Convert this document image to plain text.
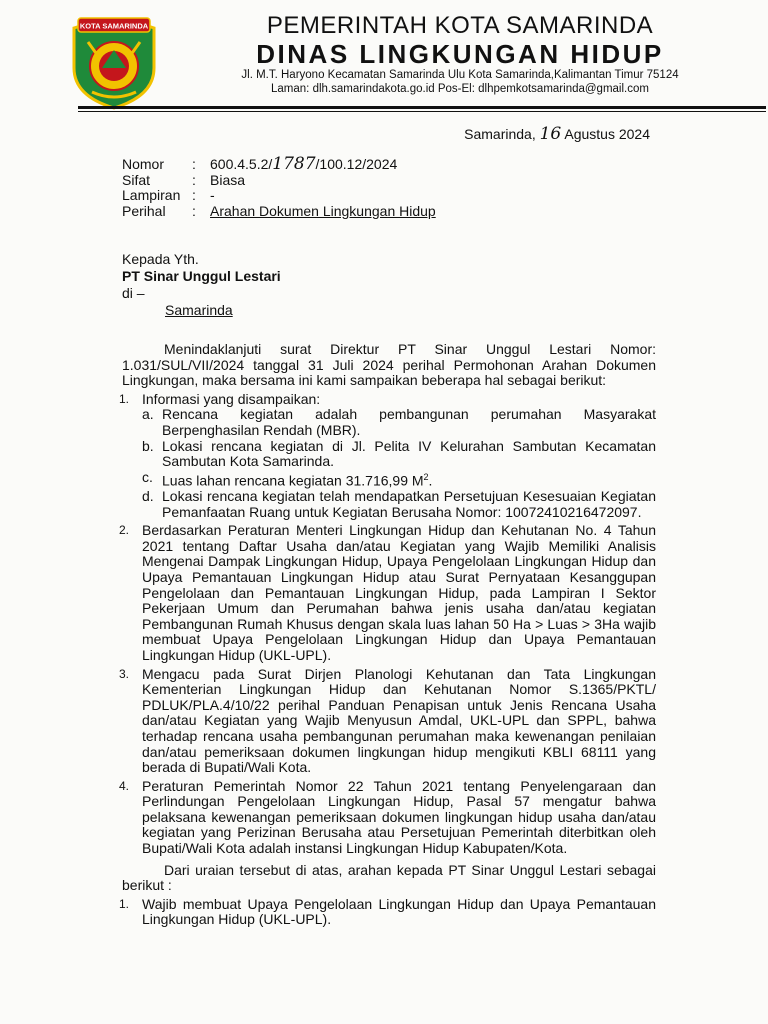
KOTA SAMARINDA	PEMERINTAH KOTA SAMARINDA
DINAS LINGKUNGAN HIDUP
Jl. M.T. Haryono Kecamatan Samarinda Ulu Kota Samarinda,Kalimantan Timur 75124
Laman: dlh.samarindakota.go.id Pos-El: dlhpemkotsamarinda@gmail.com
Samarinda, 16 Agustus 2024
Nomor	:	600.4.5.2/1787/100.12/2024
Sifat	:	Biasa
Lampiran :	-
Perihal	:	Arahan Dokumen Lingkungan Hidup
Kepada Yth.
PT Sinar Unggul Lestari
di –
Samarinda

Menindaklanjuti surat Direktur PT Sinar Unggul Lestari Nomor: 1.031/SUL/VII/2024 tanggal 31 Juli 2024 perihal Permohonan Arahan Dokumen Lingkungan, maka bersama ini kami sampaikan beberapa hal sebagai berikut:

1. Informasi yang disampaikan:
a. Rencana kegiatan adalah pembangunan perumahan Masyarakat Berpenghasilan Rendah (MBR).
b. Lokasi rencana kegiatan di Jl. Pelita IV Kelurahan Sambutan Kecamatan Sambutan Kota Samarinda.
c. Luas lahan rencana kegiatan 31.716,99 $M^2$.
d. Lokasi rencana kegiatan telah mendapatkan Persetujuan Kesesuaian Kegiatan Pemanfaatan Ruang untuk Kegiatan Berusaha Nomor: 10072410216472097.
2. Berdasarkan Peraturan Menteri Lingkungan Hidup dan Kehutanan No. 4 Tahun 2021 tentang Daftar Usaha dan/atau Kegiatan yang Wajib Memiliki Analisis Mengenai Dampak Lingkungan Hidup, Upaya Pengelolaan Lingkungan Hidup dan Upaya Pemantauan Lingkungan Hidup atau Surat Pernyataan Kesanggupan Pengelolaan dan Pemantauan Lingkungan Hidup, pada Lampiran I Sektor Pekerjaan Umum dan Perumahan bahwa jenis usaha dan/atau kegiatan Pembangunan Rumah Khusus dengan skala luas lahan 50 Ha > Luas > 3Ha wajib membuat Upaya Pengelolaan Lingkungan Hidup dan Upaya Pemantauan Lingkungan Hidup (UKL-UPL).
3. Mengacu pada Surat Dirjen Planologi Kehutanan dan Tata Lingkungan Kementerian Lingkungan Hidup dan Kehutanan Nomor S.1365/PKTL/ PDLUK/PLA.4/10/22 perihal Panduan Penapisan untuk Jenis Rencana Usaha dan/atau Kegiatan yang Wajib Menyusun Amdal, UKL-UPL dan SPPL, bahwa terhadap rencana usaha pembangunan perumahan maka kewenangan penilaian dan/atau pemeriksaan dokumen lingkungan hidup mengikuti KBLI 68111 yang berada di Bupati/Wali Kota.
4. Peraturan Pemerintah Nomor 22 Tahun 2021 tentang Penyelengaraan dan Perlindungan Pengelolaan Lingkungan Hidup, Pasal 57 mengatur bahwa pelaksana kewenangan pemeriksaan dokumen lingkungan hidup usaha dan/atau kegiatan yang Perizinan Berusaha atau Persetujuan Pemerintah diterbitkan oleh Bupati/Wali Kota adalah instansi Lingkungan Hidup Kabupaten/Kota.

Dari uraian tersebut di atas, arahan kepada PT Sinar Unggul Lestari sebagai berikut :

1. Wajib membuat Upaya Pengelolaan Lingkungan Hidup dan Upaya Pemantauan Lingkungan Hidup (UKL-UPL).
